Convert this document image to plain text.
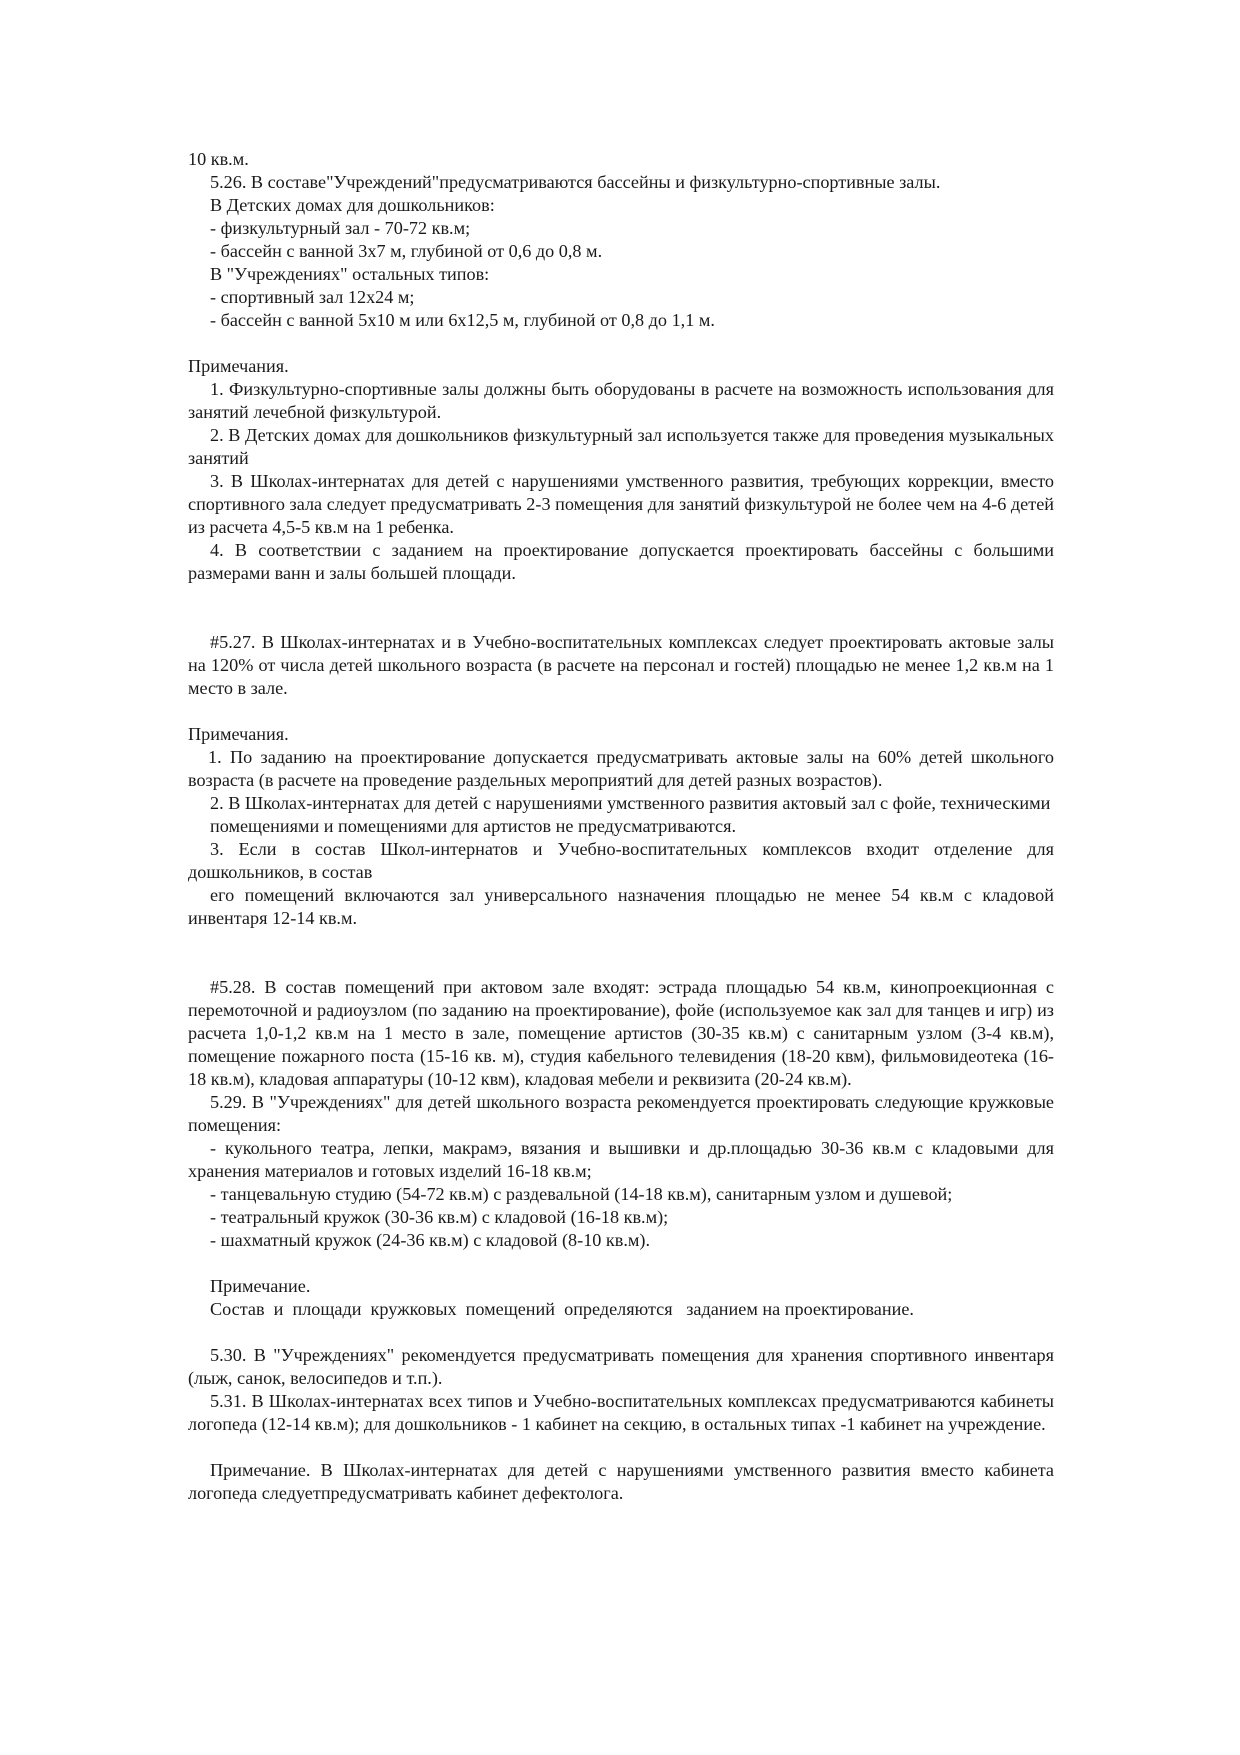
10 кв.м.
5.26. В составе"Учреждений"предусматриваются бассейны и физкультурно-спортивные залы.
В Детских домах для дошкольников:
- физкультурный зал - 70-72 кв.м;
- бассейн с ванной 3х7 м, глубиной от 0,6 до 0,8 м.
В "Учреждениях" остальных типов:
- спортивный зал 12х24 м;
- бассейн с ванной 5х10 м или 6х12,5 м, глубиной от 0,8 до 1,1 м.
Примечания.

1. Физкультурно-спортивные залы должны быть оборудованы в расчете на возможность использования для занятий лечебной физкультурой.

2. В Детских домах для дошкольников физкультурный зал используется также для проведения музыкальных занятий

3. В Школах-интернатах для детей с нарушениями умственного развития, требующих коррекции, вместо спортивного зала следует предусматривать 2-3 помещения для занятий физкультурой не более чем на 4-6 детей из расчета 4,5-5 кв.м на 1 ребенка.

4. В соответствии с заданием на проектирование допускается проектировать бассейны с большими размерами ванн и залы большей площади.

#5.27. В Школах-интернатах и в Учебно-воспитательных комплексах следует проектировать актовые залы на 120% от числа детей школьного возраста (в расчете на персонал и гостей) площадью не менее 1,2 кв.м на 1 место в зале.

Примечания.

1. По заданию на проектирование допускается предусматривать актовые залы на 60% детей школьного возраста (в расчете на проведение раздельных мероприятий для детей разных возрастов).

2. В Школах-интернатах для детей с нарушениями умственного развития актовый зал с фойе, техническими

помещениями и помещениями для артистов не предусматриваются.

3. Если в состав Школ-интернатов и Учебно-воспитательных комплексов входит отделение для дошкольников, в состав

его помещений включаются зал универсального назначения площадью не менее 54 кв.м с кладовой инвентаря 12-14 кв.м.

#5.28. В состав помещений при актовом зале входят: эстрада площадью 54 кв.м, кинопроекционная с перемоточной и радиоузлом (по заданию на проектирование), фойе (используемое как зал для танцев и игр) из расчета 1,0-1,2 кв.м на 1 место в зале, помещение артистов (30-35 кв.м) с санитарным узлом (3-4 кв.м), помещение пожарного поста (15-16 кв. м), студия кабельного телевидения (18-20 квм), фильмовидеотека (16-18 кв.м), кладовая аппаратуры (10-12 квм), кладовая мебели и реквизита (20-24 кв.м).

5.29. В "Учреждениях" для детей школьного возраста рекомендуется проектировать следующие кружковые помещения:

- кукольного театра, лепки, макрамэ, вязания и вышивки и др.площадью 30-36 кв.м с кладовыми для хранения материалов и готовых изделий 16-18 кв.м;

- танцевальную студию (54-72 кв.м) с раздевальной (14-18 кв.м), санитарным узлом и душевой;

- театральный кружок (30-36 кв.м) с кладовой (16-18 кв.м);
- шахматный кружок (24-36 кв.м) с кладовой (8-10 кв.м).
Примечание.
Состав  и  площади  кружковых  помещений  определяются   заданием на проектирование.

5.30. В "Учреждениях" рекомендуется предусматривать помещения для хранения спортивного инвентаря (лыж, санок, велосипедов и т.п.).

5.31. В Школах-интернатах всех типов и Учебно-воспитательных комплексах предусматриваются кабинеты логопеда (12-14 кв.м); для дошкольников - 1 кабинет на секцию, в остальных типах -1 кабинет на учреждение.

Примечание. В Школах-интернатах для детей с нарушениями умственного развития вместо кабинета логопеда следуетпредусматривать кабинет дефектолога.
